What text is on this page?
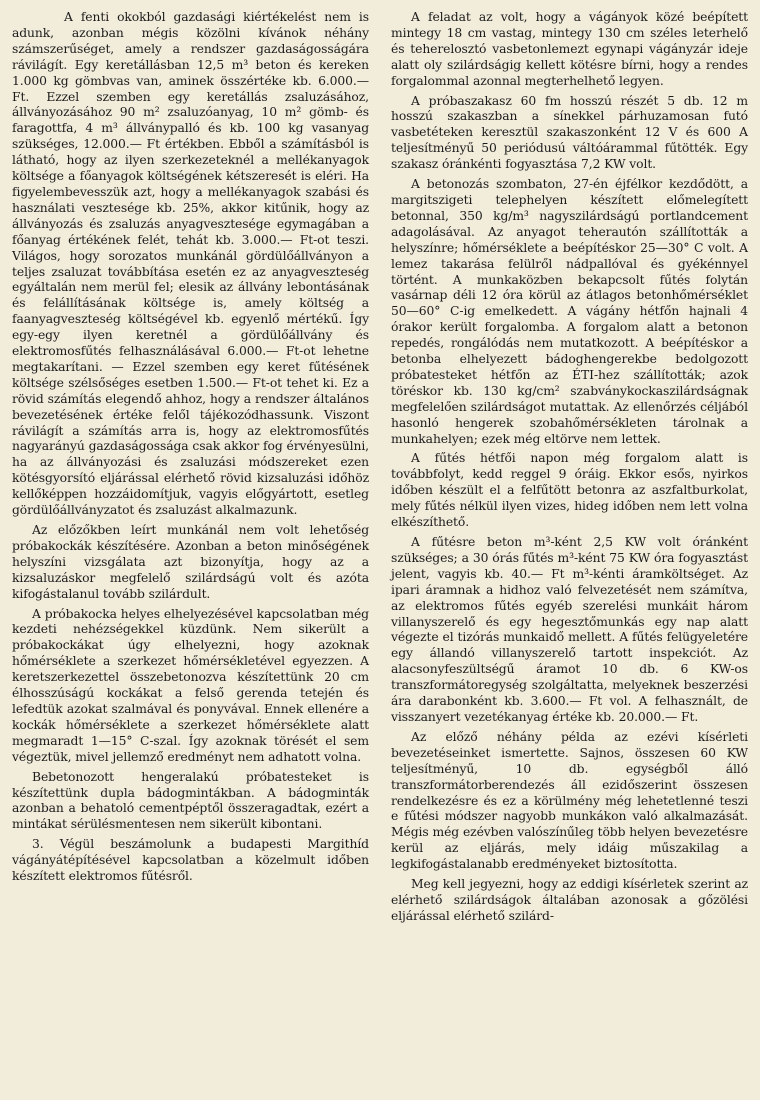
A fenti okokból gazdasági kiértékelést nem is adunk, azonban mégis közölni kívánok néhány számszerűséget, amely a rendszer gazdaságosságára rávilágít. Egy keretállásban 12,5 m³ beton és kereken 1.000 kg gömbvas van, aminek összértéke kb. 6.000.— Ft. Ezzel szemben egy keretállás zsaluzásához, állványozásához 90 m² zsaluzóanyag, 10 m² gömb- és faragottfa, 4 m³ állványpalló és kb. 100 kg vasanyag szükséges, 12.000.— Ft értékben. Ebből a számításból is látható, hogy az ilyen szerkezeteknél a mellékanyagok költsége a főanyagok költségének kétszeresét is eléri. Ha figyelembevesszük azt, hogy a mellékanyagok szabási és használati vesztesége kb. 25%, akkor kitűnik, hogy az állványozás és zsaluzás anyagvesztesége egymagában a főanyag értékének felét, tehát kb. 3.000.— Ft-ot teszi. Világos, hogy sorozatos munkánál gördülőállványon a teljes zsaluzat továbbítása esetén ez az anyagveszteség egyáltalán nem merül fel; elesik az állvány lebontásának és felállításának költsége is, amely költség a faanyagveszteség költségével kb. egyenlő mértékű. Így egy-egy ilyen keretnél a gördülőállvány és elektromosfűtés felhasználásával 6.000.— Ft-ot lehetne megtakarítani. — Ezzel szemben egy keret fűtésének költsége szélsőséges esetben 1.500.— Ft-ot tehet ki. Ez a rövid számítás elegendő ahhoz, hogy a rendszer általános bevezetésének értéke felől tájékozódhassunk. Viszont rávilágít a számítás arra is, hogy az elektromosfűtés nagyarányú gazdaságossága csak akkor fog érvényesülni, ha az állványozási és zsaluzási módszereket ezen kötésgyorsító eljárással elérhető rövid kizsaluzási időhöz kellőképpen hozzáidomítjuk, vagyis előgyártott, esetleg gördülőállványzatot és zsaluzást alkalmazunk.

Az előzőkben leírt munkánál nem volt lehetőség próbakockák készítésére. Azonban a beton minőségének helyszíni vizsgálata azt bizonyítja, hogy az a kizsaluzáskor megfelelő szilárdságú volt és azóta kifogástalanul tovább szilárdult.

A próbakocka helyes elhelyezésével kapcsolatban még kezdeti nehézségekkel küzdünk. Nem sikerült a próbakockákat úgy elhelyezni, hogy azoknak hőmérséklete a szerkezet hőmérsékletével egyezzen. A keretszerkezettel összebetonozva készítettünk 20 cm élhosszúságú kockákat a felső gerenda tetején és lefedtük azokat szalmával és ponyvával. Ennek ellenére a kockák hőmérséklete a szerkezet hőmérséklete alatt megmaradt 1—15° C-szal. Így azoknak törését el sem végeztük, mivel jellemző eredményt nem adhatott volna.

Bebetonozott hengeralakú próbatesteket is készítettünk dupla bádogmintákban. A bádogminták azonban a behatoló cementpéptől összeragadtak, ezért a mintákat sérülésmentesen nem sikerült kibontani.

3. Végül beszámolunk a budapesti Margithíd vágányátépítésével kapcsolatban a közelmult időben készített elektromos fűtésről.

A feladat az volt, hogy a vágányok közé beépített mintegy 18 cm vastag, mintegy 130 cm széles leterhelő és teherelosztó vasbetonlemezt egynapi vágányzár ideje alatt oly szilárdságig kellett kötésre bírni, hogy a rendes forgalommal azonnal megterhelhető legyen.

A próbaszakasz 60 fm hosszú részét 5 db. 12 m hosszú szakaszban a sínekkel párhuzamosan futó vasbetéteken keresztül szakaszonként 12 V és 600 A teljesítményű 50 periódusú váltóárammal fűtötték. Egy szakasz óránkénti fogyasztása 7,2 KW volt.

A betonozás szombaton, 27-én éjfélkor kezdődött, a margitszigeti telephelyen készített előmelegített betonnal, 350 kg/m³ nagyszilárdságú portlandcement adagolásával. Az anyagot teherautón szállították a helyszínre; hőmérséklete a beépítéskor 25—30° C volt. A lemez takarása felülről nádpallóval és gyékénnyel történt. A munkaközben bekapcsolt fűtés folytán vasárnap déli 12 óra körül az átlagos betonhőmérséklet 50—60° C-ig emelkedett. A vágány hétfőn hajnali 4 órakor került forgalomba. A forgalom alatt a betonon repedés, rongálódás nem mutatkozott. A beépítéskor a betonba elhelyezett bádoghengerekbe bedolgozott próbatesteket hétfőn az ÉTI-hez szállították; azok töréskor kb. 130 kg/cm² szabványkockaszilárdságnak megfelelően szilárdságot mutattak. Az ellenőrzés céljából hasonló hengerek szobahőmérsékleten tárolnak a munkahelyen; ezek még eltörve nem lettek.

A fűtés hétfői napon még forgalom alatt is továbbfolyt, kedd reggel 9 óráig. Ekkor esős, nyirkos időben készült el a felfűtött betonra az aszfaltburkolat, mely fűtés nélkül ilyen vizes, hideg időben nem lett volna elkészíthető.

A fűtésre beton m³-ként 2,5 KW volt óránként szükséges; a 30 órás fűtés m³-ként 75 KW óra fogyasztást jelent, vagyis kb. 40.— Ft m³-kénti áramköltséget. Az ipari áramnak a hidhoz való felvezetését nem számítva, az elektromos fűtés egyéb szerelési munkáit három villanyszerelő és egy hegesztőmunkás egy nap alatt végezte el tizórás munkaidő mellett. A fűtés felügyeletére egy állandó villanyszerelő tartott inspekciót. Az alacsonyfeszültségű áramot 10 db. 6 KW-os transzformátoregység szolgáltatta, melyeknek beszerzési ára darabonként kb. 3.600.— Ft vol. A felhasznált, de visszanyert vezetékanyag értéke kb. 20.000.— Ft.

Az előző néhány példa az ezévi kísérleti bevezetéseinket ismertette. Sajnos, összesen 60 KW teljesítményű, 10 db. egységből álló transzformátorberendezés áll ezidőszerint összesen rendelkezésre és ez a körülmény még lehetetlenné teszi e fűtési módszer nagyobb munkákon való alkalmazását. Mégis még ezévben valószínűleg több helyen bevezetésre kerül az eljárás, mely idáig műszakilag a legkifogástalanabb eredményeket biztosította.

Meg kell jegyezni, hogy az eddigi kísérletek szerint az elérhető szilárdságok általában azonosak a gőzölési eljárással elérhető szilárd-
